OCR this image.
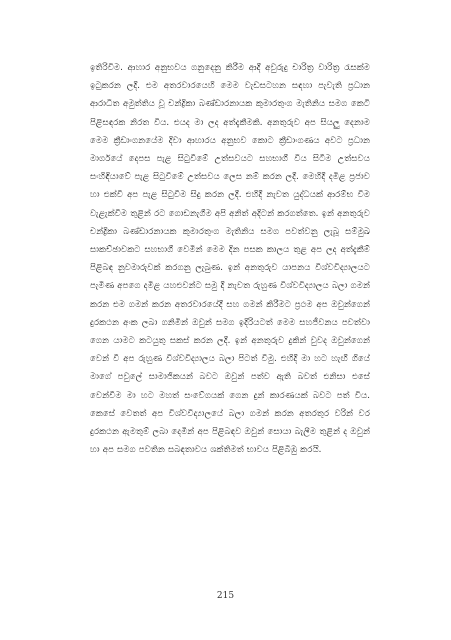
ඉතිරිවිම. ආහාර අනුභවය ගනුදෙනු කිරීම ආදී අවුරුදු චාරිත්‍ර වාරිත්‍ර රැසක්ම ඉටුකරන ලදී. එම අතරවාරයෙහි මෙම වැඩසටහන සඳහා පැවැති ප්‍රධාන ආරාධිත අමුත්තිය වූ චන්ද්‍රිකා බණ්ඩාරනායක කුමාරතුංග මැතිනිය සමග කෙටි පිළිසඳරක නිරත විය. එයද මා ලද අත්දැකීමකි. අනතුරුව අප සියලු දෙනාම මෙම ක්‍රීඩාංගනයේම දිවා ආහාරය අනුභව කොට ක්‍රීඩාංගණය අවට ප්‍රධාන මාර්ගයේ දෙපස පැළ සිටුවීමේ උත්සවයට සහභාගී විය සිටීම උත්සවය සංහිඳියාවේ පැළ සිටුවීමේ උත්සවය ලෙස නම් කරන ලදී. මෙහිදී දමිළ ප්‍රජාව හා එක්වී අප පැළ සිටුවීම සිදු කරන ලදී. එහිදී නැවත යුද්ධයක් ආරම්භ වීම වැළැක්වීම තුළින් රට ගොඩනැගීම අපි අනිත් අදිටන් කරගත්තෙ. ඉන් අනතුරුව චන්ද්‍රිකා බණ්ඩාරනායක කුමාරතුංග මැතිනිය සමග පවත්වනු ලැබූ සම්මුඛ සාකච්ඡාවකට සහභාගී වෙමින් මෙම දින පසක කාලය තුළ අප ලද අත්දැකීම් පිළිබඳ නුවමාරුවක් කරගනු ලැබුණ. ඉන් අනතුරුව යාපනය විශ්වවිද්‍යාලයට පැමිණ අපගෙ දමිළ යහළුවන්ට සමු දී නැවත රුහුණ විශ්වවිද්‍යාලය බලා ගමන් කරන එම ගමන් කරන අතරවාරයේදී සහ ගමන් කිරීමට ප්‍රථම අප ඔවුන්ගෙන් දුරකථන අංක ලබා ගනිමින් ඔවුන් සමග ඉදිරියටත් මෙම සහජීවනය පවත්වා ගෙන යාමට කටයුතු සකස් කරන ලදී. ඉන් අනතුරුව දුකින් වුවද ඔවුන්ගෙන් වෙන් වී අප රුහුණ විශ්වවිද්‍යාලය බලා පිටත් වීමු. එහිදී මා හට හැඟී ගියේ මාගේ පවුලේ සාමාජිකයන් බවට ඔවුන් පත්ව ඇති බවත් එනිසා එසේ වෙන්වීම මා හට මහත් සංවේගයක් ගෙන දුන් කාරණයක් බවට පත් විය. කෙසේ වෙතත් අප විශ්වවිද්‍යාලයේ බලා ගමන් කරන අතරතුර වරින් වර දුරකථන ඇමතුම් ලබා දෙමින් අප පිළිබඳව ඔවුන් සොයා බැලීම තුළින් ද ඔවුන් හා අප සමග පවතින සබඳතාවය ශක්තිමත් භාවය පිළිබිඹු කරයි.

215
